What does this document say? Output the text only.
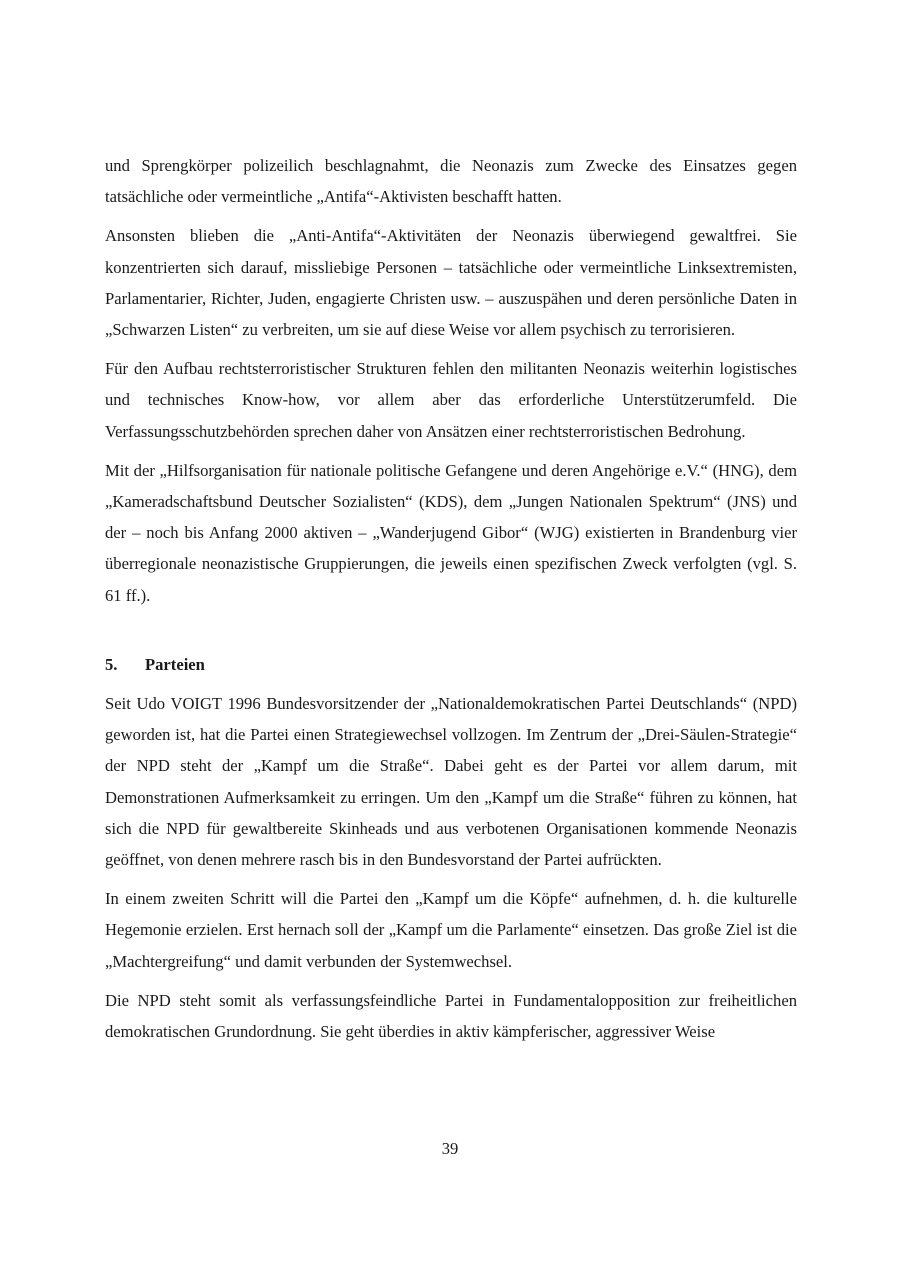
und Sprengkörper polizeilich beschlagnahmt, die Neonazis zum Zwecke des Einsatzes gegen tatsächliche oder vermeintliche „Antifa“-Aktivisten beschafft hatten.

Ansonsten blieben die „Anti-Antifa“-Aktivitäten der Neonazis überwiegend gewaltfrei. Sie konzentrierten sich darauf, missliebige Personen – tatsächliche oder vermeintliche Linksextremisten, Parlamentarier, Richter, Juden, engagierte Christen usw. – auszuspähen und deren persönliche Daten in „Schwarzen Listen“ zu verbreiten, um sie auf diese Weise vor allem psychisch zu terrorisieren.

Für den Aufbau rechtsterroristischer Strukturen fehlen den militanten Neonazis weiterhin logistisches und technisches Know-how, vor allem aber das erforderliche Unterstützerumfeld. Die Verfassungsschutzbehörden sprechen daher von Ansätzen einer rechtsterroristischen Bedrohung.

Mit der „Hilfsorganisation für nationale politische Gefangene und deren Angehörige e.V.“ (HNG), dem „Kameradschaftsbund Deutscher Sozialisten“ (KDS), dem „Jungen Nationalen Spektrum“ (JNS) und der – noch bis Anfang 2000 aktiven – „Wanderjugend Gibor“ (WJG) existierten in Brandenburg vier überregionale neonazistische Gruppierungen, die jeweils einen spezifischen Zweck verfolgten (vgl. S. 61 ff.).

5. Parteien

Seit Udo VOIGT 1996 Bundesvorsitzender der „Nationaldemokratischen Partei Deutschlands“ (NPD) geworden ist, hat die Partei einen Strategiewechsel vollzogen. Im Zentrum der „Drei-Säulen-Strategie“ der NPD steht der „Kampf um die Straße“. Dabei geht es der Partei vor allem darum, mit Demonstrationen Aufmerksamkeit zu erringen. Um den „Kampf um die Straße“ führen zu können, hat sich die NPD für gewaltbereite Skinheads und aus verbotenen Organisationen kommende Neonazis geöffnet, von denen mehrere rasch bis in den Bundesvorstand der Partei aufrückten.

In einem zweiten Schritt will die Partei den „Kampf um die Köpfe“ aufnehmen, d. h. die kulturelle Hegemonie erzielen. Erst hernach soll der „Kampf um die Parlamente“ einsetzen. Das große Ziel ist die „Machtergreifung“ und damit verbunden der Systemwechsel.

Die NPD steht somit als verfassungsfeindliche Partei in Fundamentalopposition zur freiheitlichen demokratischen Grundordnung. Sie geht überdies in aktiv kämpferischer, aggressiver Weise

39
